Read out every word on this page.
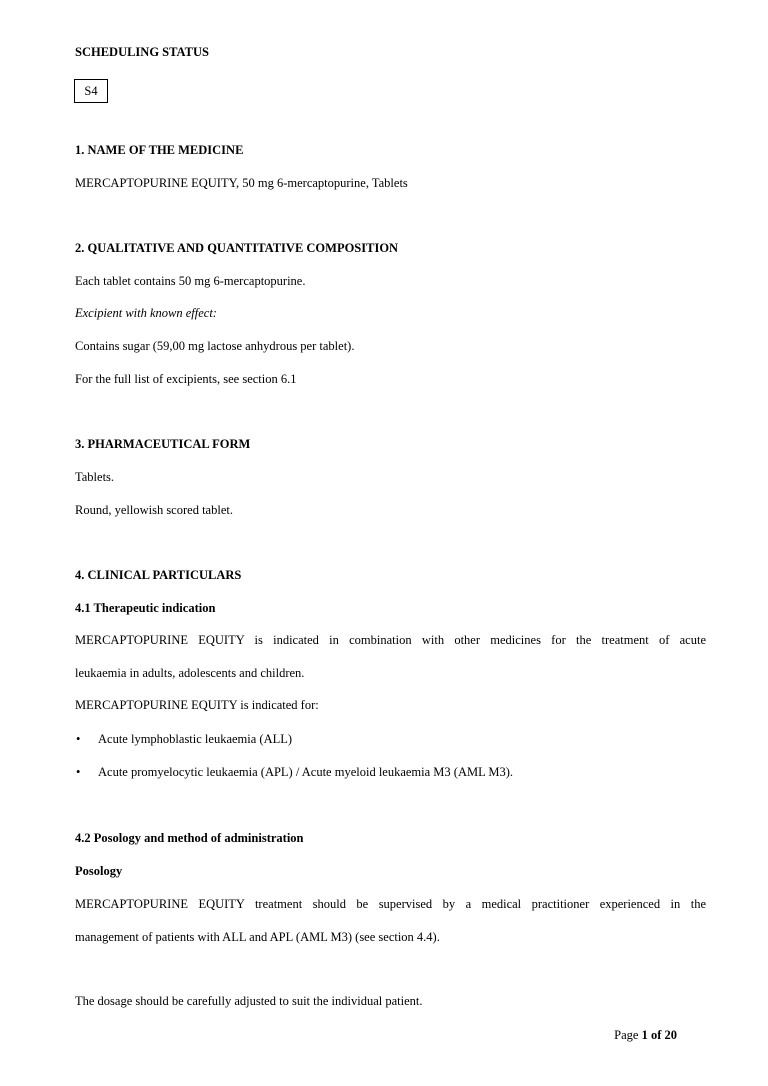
SCHEDULING STATUS
S4
1. NAME OF THE MEDICINE
MERCAPTOPURINE EQUITY, 50 mg 6-mercaptopurine, Tablets
2. QUALITATIVE AND QUANTITATIVE COMPOSITION
Each tablet contains 50 mg 6-mercaptopurine.
Excipient with known effect:
Contains sugar (59,00 mg lactose anhydrous per tablet).
For the full list of excipients, see section 6.1
3. PHARMACEUTICAL FORM
Tablets.
Round, yellowish scored tablet.
4. CLINICAL PARTICULARS
4.1 Therapeutic indication
MERCAPTOPURINE EQUITY is indicated in combination with other medicines for the treatment of acute
leukaemia in adults, adolescents and children.
MERCAPTOPURINE EQUITY is indicated for:
• Acute lymphoblastic leukaemia (ALL)
• Acute promyelocytic leukaemia (APL) / Acute myeloid leukaemia M3 (AML M3).
4.2 Posology and method of administration
Posology
MERCAPTOPURINE EQUITY treatment should be supervised by a medical practitioner experienced in the
management of patients with ALL and APL (AML M3) (see section 4.4).
The dosage should be carefully adjusted to suit the individual patient.
Page 1 of 20
